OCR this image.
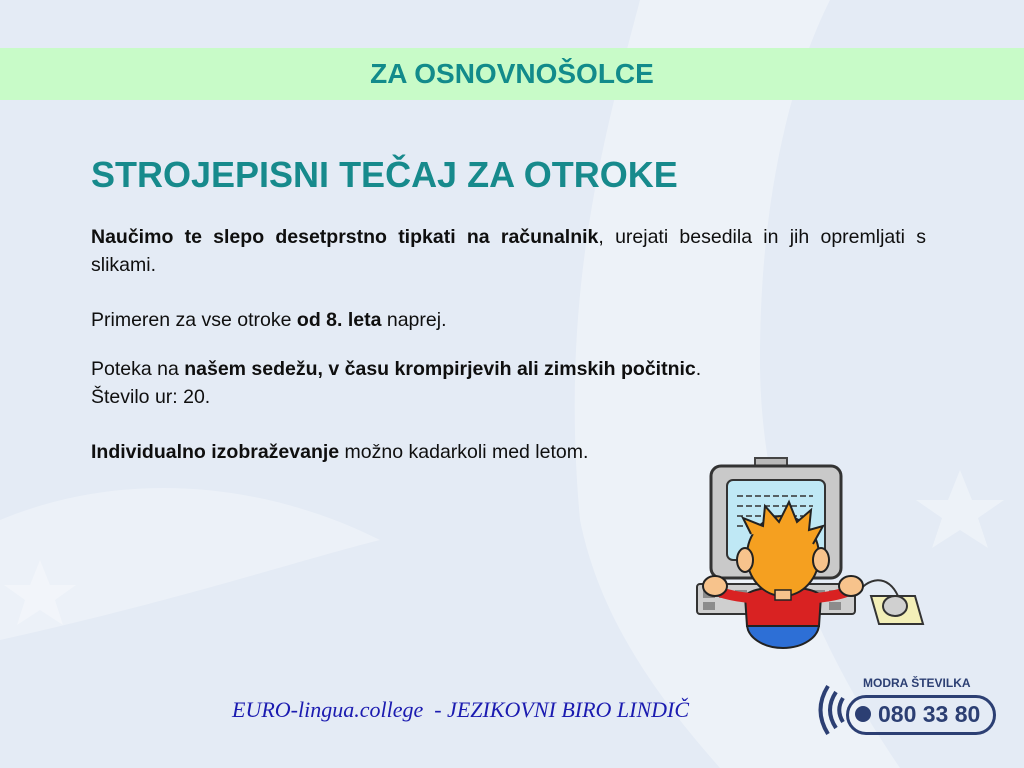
ZA OSNOVNOŠOLCE
STROJEPISNI TEČAJ ZA OTROKE
Naučimo te slepo desetprstno tipkati na računalnik, urejati besedila in jih opremljati s slikami.
Primeren za vse otroke od 8. leta naprej.
Poteka na našem sedežu, v času krompirjevih ali zimskih počitnic.
Število ur: 20.
Individualno izobraževanje možno kadarkoli med letom.
EURO-lingua.college  - JEZIKOVNI BIRO LINDIČ
MODRA ŠTEVILKA
080 33 80
